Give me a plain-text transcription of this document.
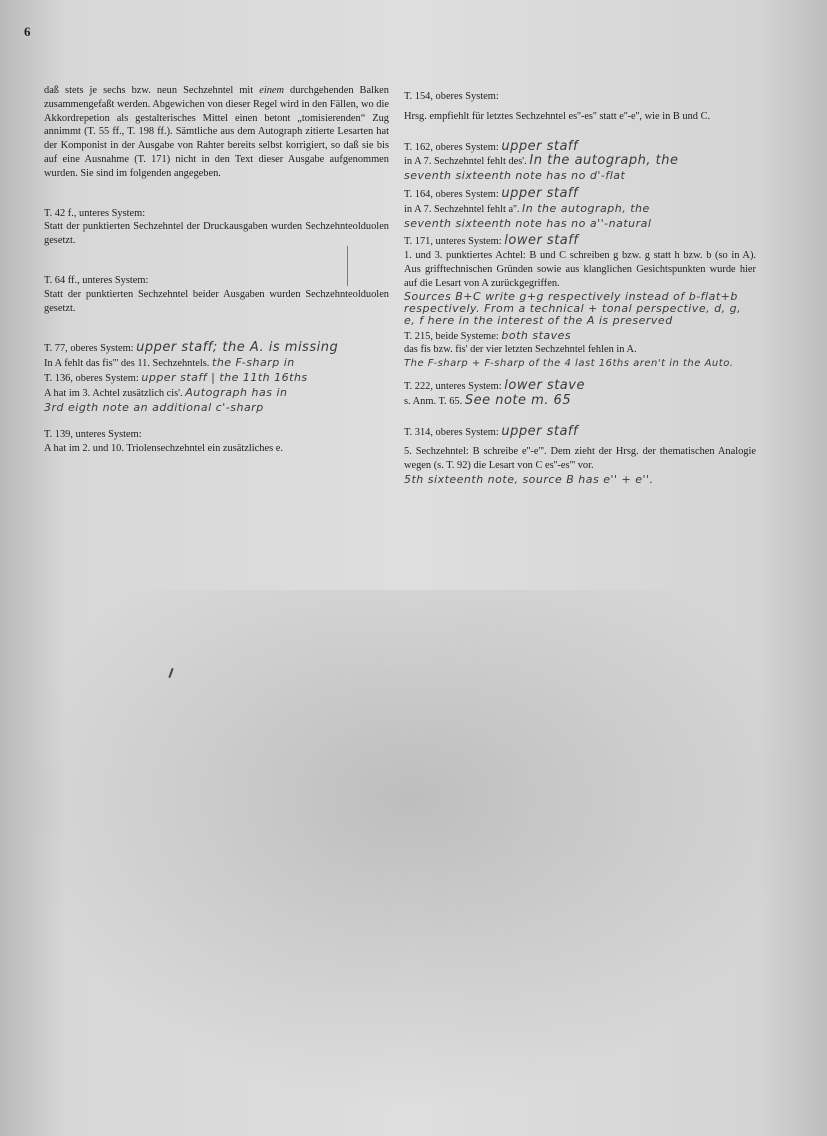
6

daß stets je sechs bzw. neun Sechzehntel mit einem durchgehenden Balken zusammengefaßt werden. Abgewichen von dieser Regel wird in den Fällen, wo die Akkordrepetion als gestalterisches Mittel einen betont „tomisierenden“ Zug annimmt (T. 55 ff., T. 198 ff.). Sämtliche aus dem Autograph zitierte Lesarten hat der Komponist in der Ausgabe von Rahter bereits selbst korrigiert, so daß sie bis auf eine Ausnahme (T. 171) nicht in den Text dieser Ausgabe aufgenommen wurden. Sie sind im folgenden angegeben.

T. 42 f., unteres System:
Statt der punktierten Sechzehntel der Druckausgaben wurden Sechzehnteolduolen gesetzt.
T. 64 ff., unteres System:
Statt der punktierten Sechzehntel beider Ausgaben wurden Sechzehnteolduolen gesetzt.
T. 77, oberes System: upper staff; the A. is missing
In A fehlt das fis''' des 11. Sechzehntels. the F-sharp in
T. 136, oberes System: upper staff | the 11th 16ths
A hat im 3. Achtel zusätzlich cis'. Autograph has in
3rd eigth note an additional c'-sharp
T. 139, unteres System:
A hat im 2. und 10. Triolensechzehntel ein zusätzliches e.
T. 154, oberes System:
Hrsg. empfiehlt für letztes Sechzehntel es''-es'' statt e''-e'', wie in B und C.
T. 162, oberes System: upper staff
in A 7. Sechzehntel fehlt des'. In the autograph, the
seventh sixteenth note has no d'-flat
T. 164, oberes System: upper staff
in A 7. Sechzehntel fehlt a''. In the autograph, the
seventh sixteenth note has no a''-natural
T. 171, unteres System: lower staff
1. und 3. punktiertes Achtel: B und C schreiben g bzw. g statt h bzw. b (so in A). Aus grifftechnischen Gründen sowie aus klanglichen Gesichtspunkten wurde hier auf die Lesart von A zurückgegriffen.
Sources B+C write g+g respectively instead of b-flat+b respectively. From a technical + tonal perspective, d, g, e, f here in the interest of the A is preserved
T. 215, beide Systeme: both staves
das fis bzw. fis' der vier letzten Sechzehntel fehlen in A.
The F-sharp + F-sharp of the 4 last 16ths aren't in the Auto.
T. 222, unteres System: lower stave
s. Anm. T. 65. See note m. 65
T. 314, oberes System: upper staff
5. Sechzehntel: B schreibe e''-e'''. Dem zieht der Hrsg. der thematischen Analogie wegen (s. T. 92) die Lesart von C es''-es''' vor.
5th sixteenth note, source B has e'' + e''.
